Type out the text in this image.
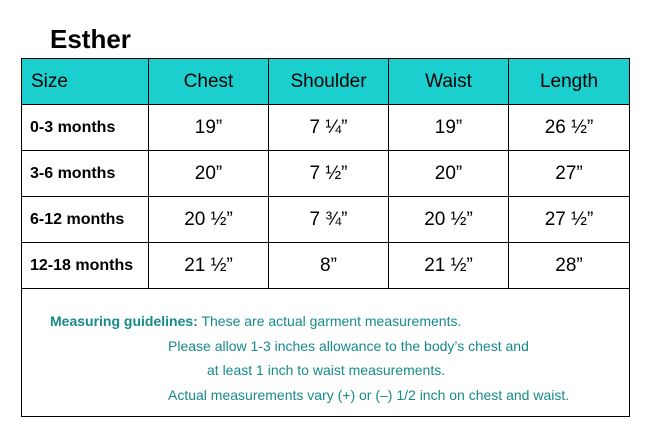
Esther
Size	Chest	Shoulder	Waist	Length
0-3 months	19”	7 ¼”	19”	26 ½”
3-6 months	20”	7 ½”	20”	27”
6-12 months	20 ½”	7 ¾”	20 ½”	27 ½”
12-18 months	21 ½”	8”	21 ½”	28”

Measuring guidelines: These are actual garment measurements.
Please allow 1-3 inches allowance to the body’s chest and
at least 1 inch to waist measurements.
Actual measurements vary (+) or (–) 1/2 inch on chest and waist.				
